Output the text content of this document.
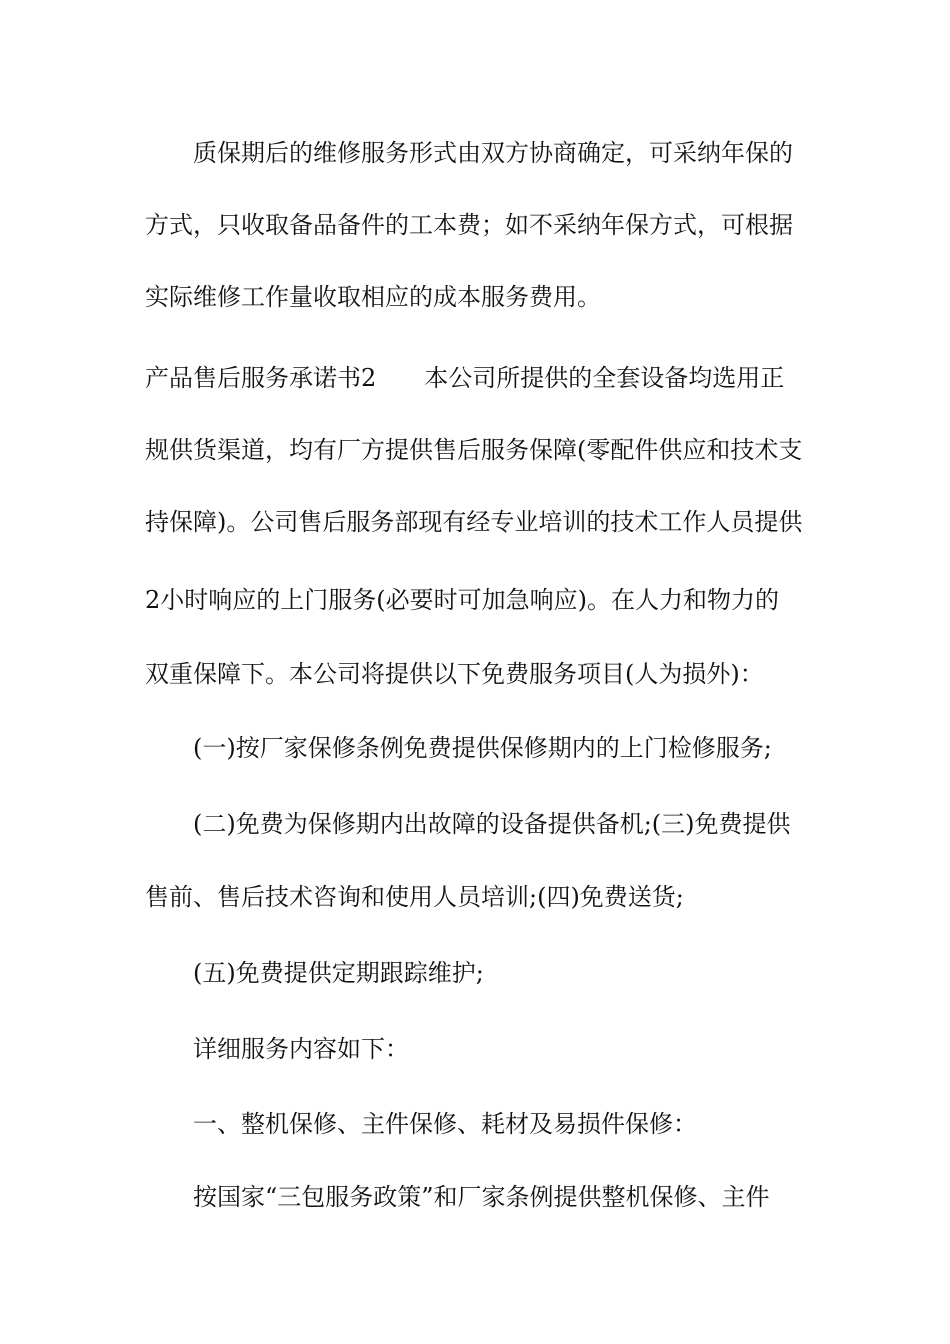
质保期后的维修服务形式由双方协商确定，可采纳年保的
方式，只收取备品备件的工本费；如不采纳年保方式，可根据
实际维修工作量收取相应的成本服务费用。
产品售后服务承诺书2 本公司所提供的全套设备均选用正
规供货渠道，均有厂方提供售后服务保障(零配件供应和技术支
持保障)。公司售后服务部现有经专业培训的技术工作人员提供
2小时响应的上门服务(必要时可加急响应)。在人力和物力的
双重保障下。本公司将提供以下免费服务项目(人为损外)：
(一)按厂家保修条例免费提供保修期内的上门检修服务;
(二)免费为保修期内出故障的设备提供备机;(三)免费提供
售前、售后技术咨询和使用人员培训;(四)免费送货;
(五)免费提供定期跟踪维护;
详细服务内容如下：
一、整机保修、主件保修、耗材及易损件保修：
按国家“三包服务政策”和厂家条例提供整机保修、主件
